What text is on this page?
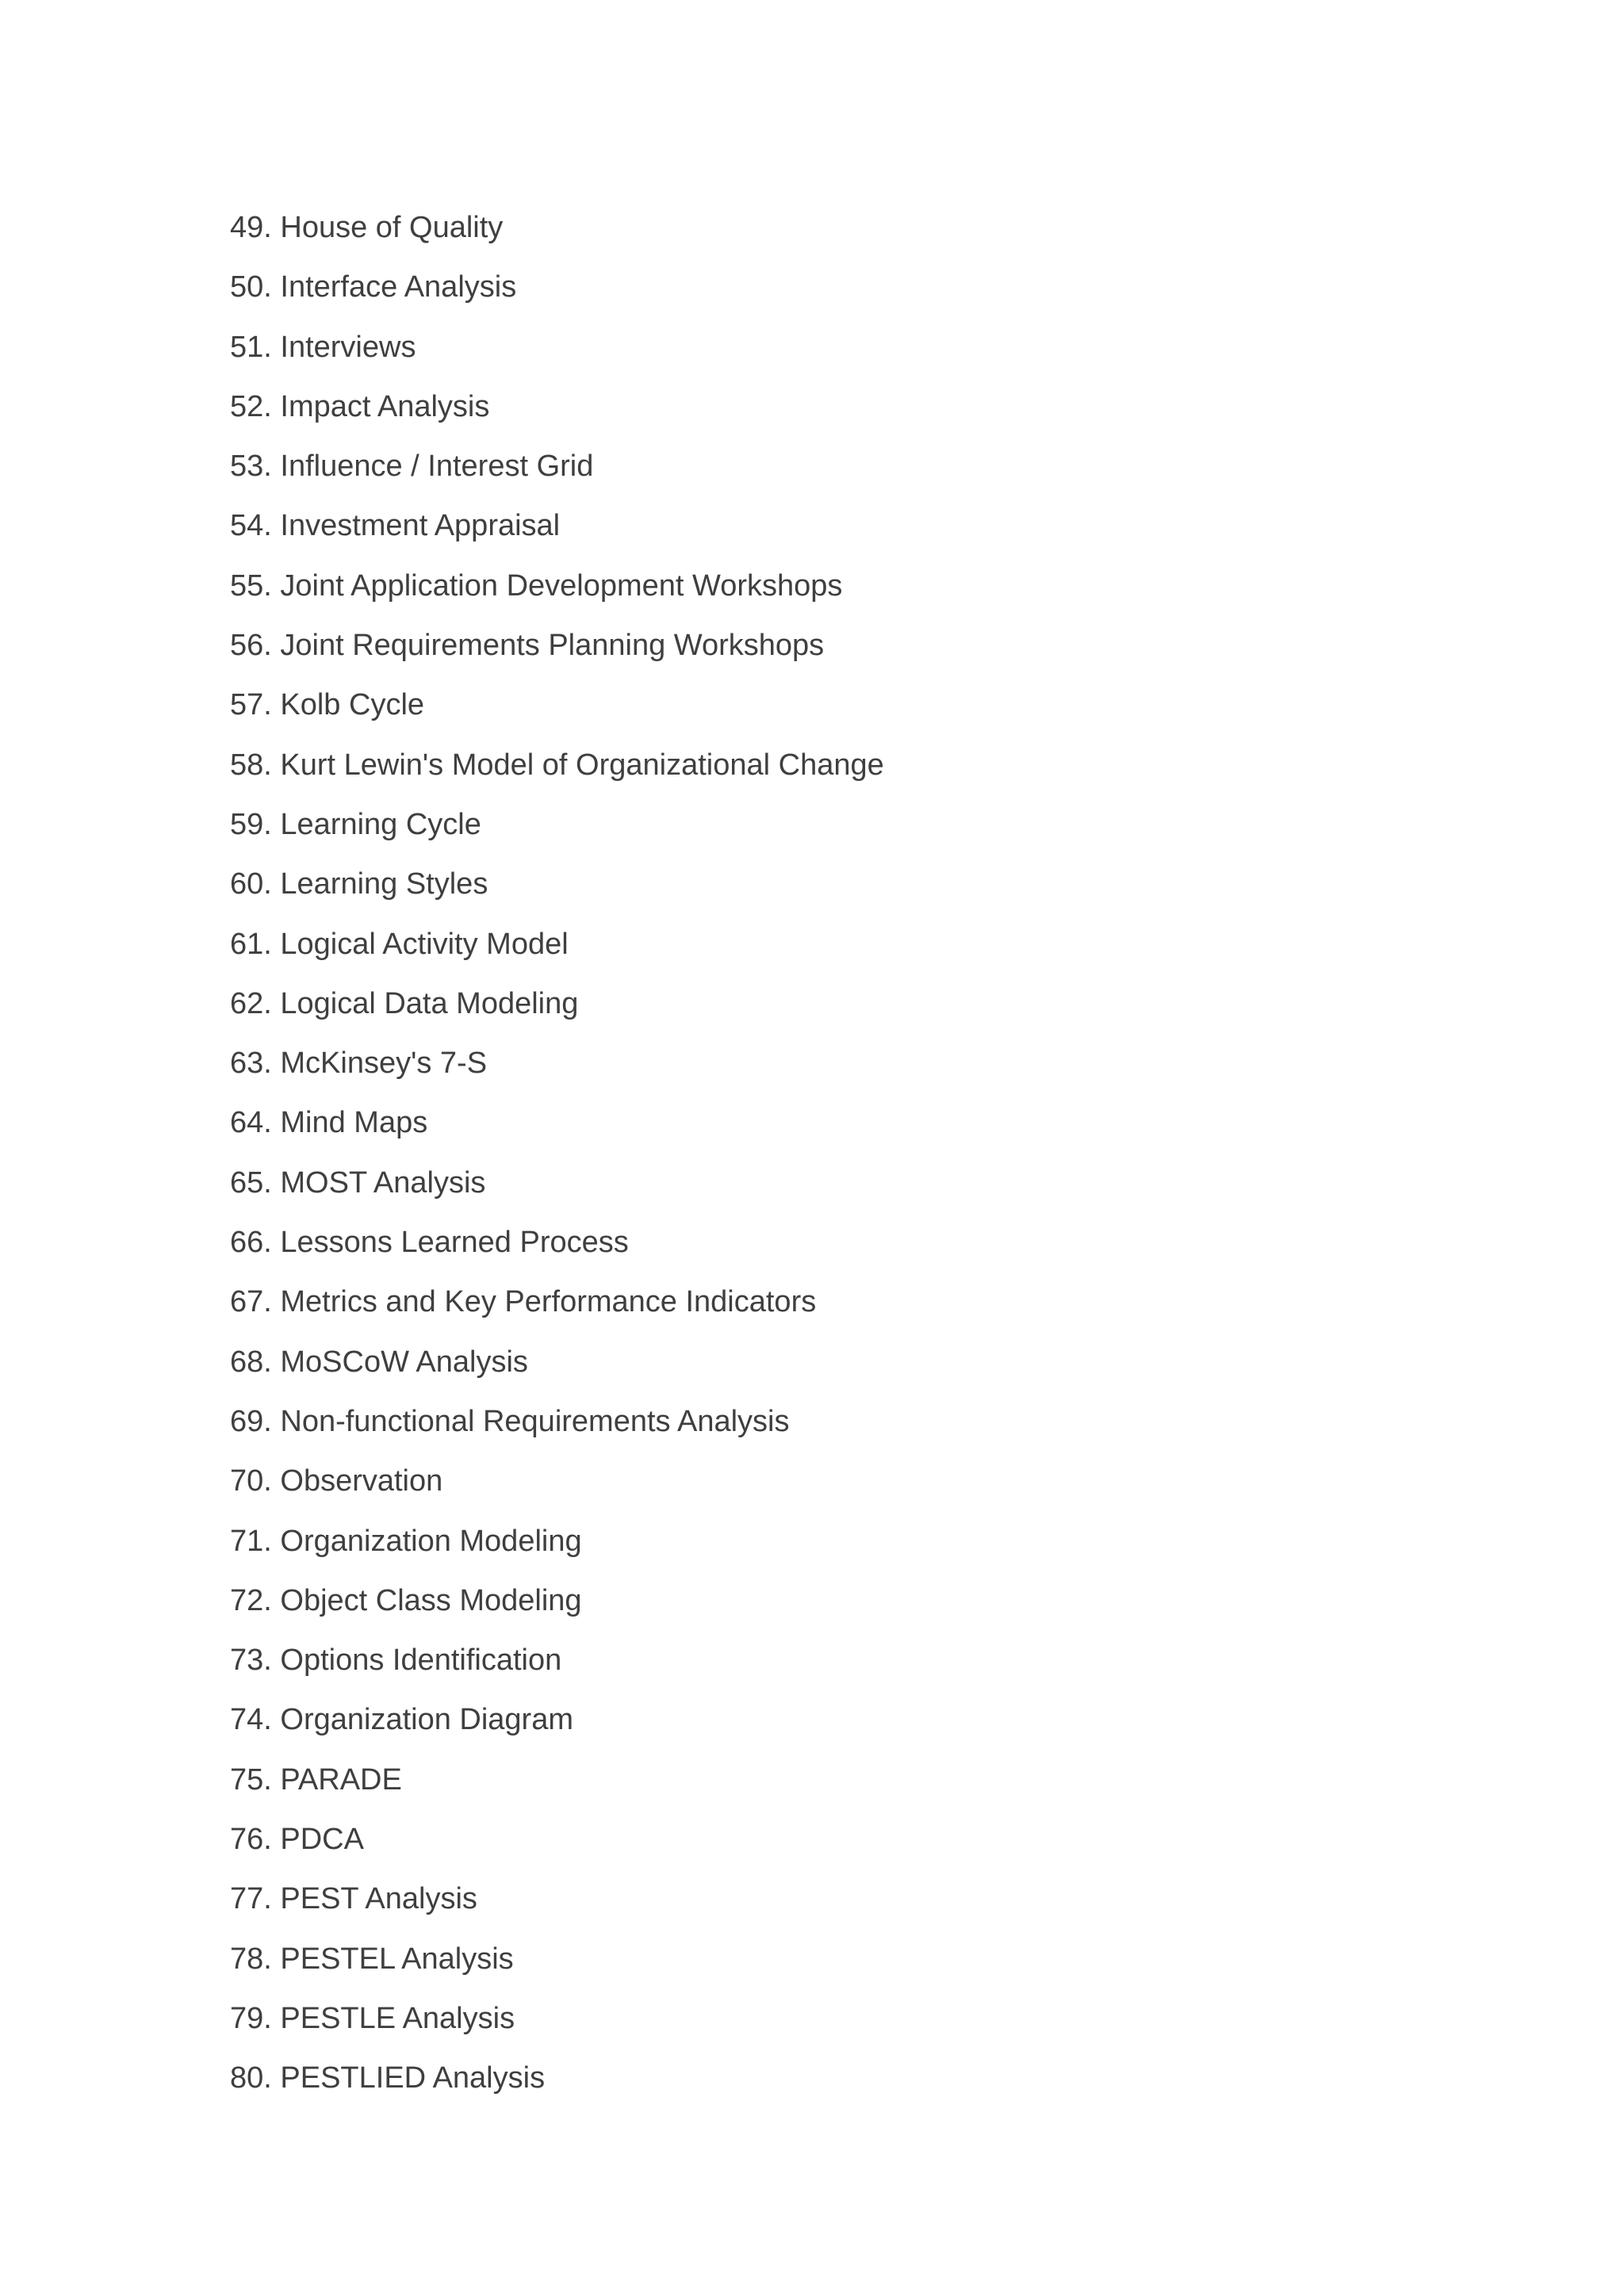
49. House of Quality
50. Interface Analysis
51. Interviews
52. Impact Analysis
53. Influence / Interest Grid
54. Investment Appraisal
55. Joint Application Development Workshops
56. Joint Requirements Planning Workshops
57. Kolb Cycle
58. Kurt Lewin's Model of Organizational Change
59. Learning Cycle
60. Learning Styles
61. Logical Activity Model
62. Logical Data Modeling
63. McKinsey's 7-S
64. Mind Maps
65. MOST Analysis
66. Lessons Learned Process
67. Metrics and Key Performance Indicators
68. MoSCoW Analysis
69. Non-functional Requirements Analysis
70. Observation
71. Organization Modeling
72. Object Class Modeling
73. Options Identification
74. Organization Diagram
75. PARADE
76. PDCA
77. PEST Analysis
78. PESTEL Analysis
79. PESTLE Analysis
80. PESTLIED Analysis
